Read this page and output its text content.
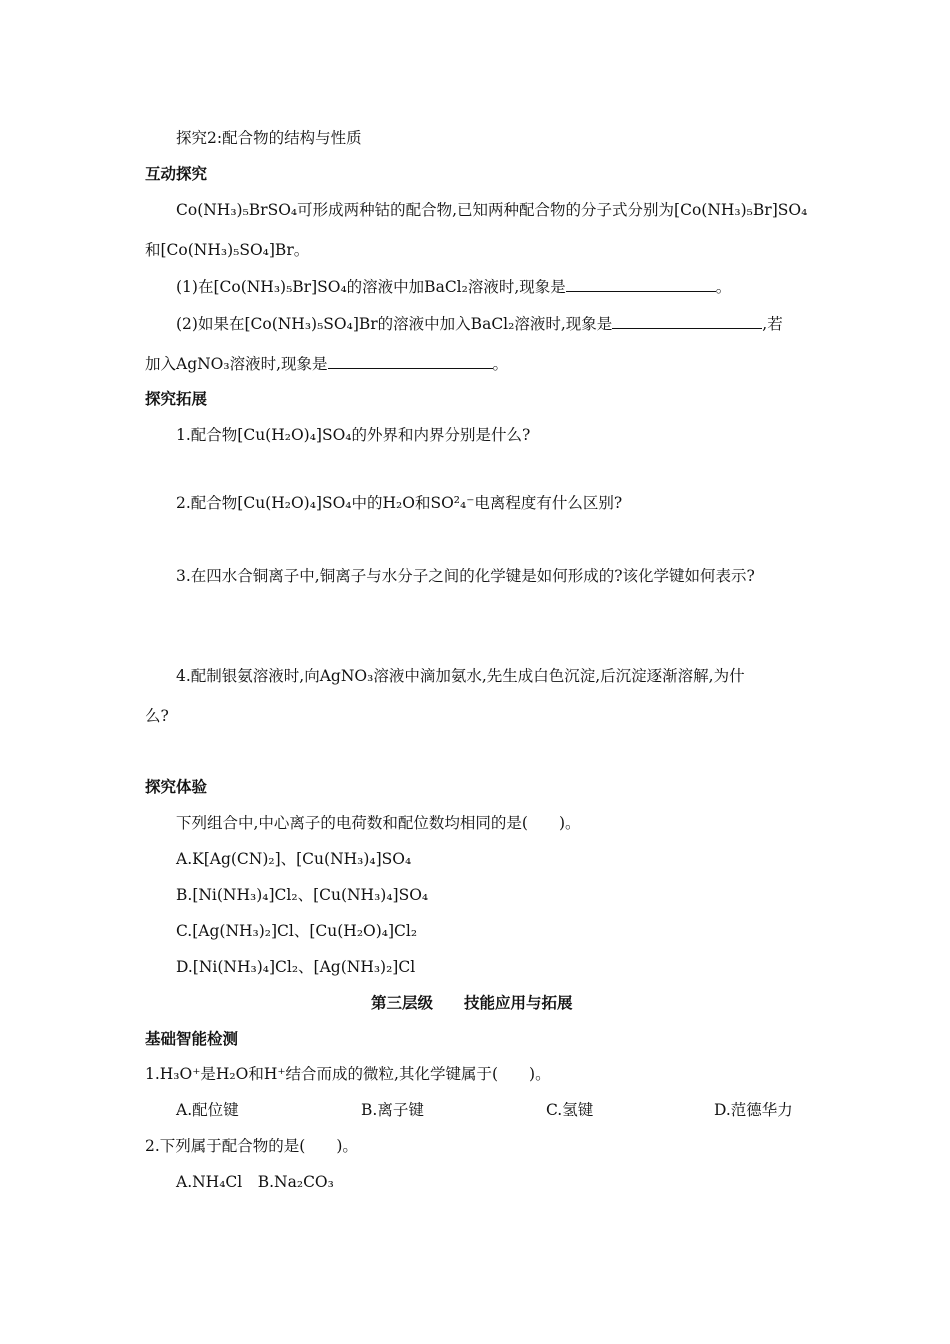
探究2:配合物的结构与性质
互动探究
Co(NH₃)₅BrSO₄可形成两种钴的配合物,已知两种配合物的分子式分别为[Co(NH₃)₅Br]SO₄
和[Co(NH₃)₅SO₄]Br。
(1)在[Co(NH₃)₅Br]SO₄的溶液中加BaCl₂溶液时,现象是	。
(2)如果在[Co(NH₃)₅SO₄]Br的溶液中加入BaCl₂溶液时,现象是	,若
加入AgNO₃溶液时,现象是	。
探究拓展
1.配合物[Cu(H₂O)₄]SO₄的外界和内界分别是什么?
2.配合物[Cu(H₂O)₄]SO₄中的H₂O和SO²₄⁻电离程度有什么区别?
3.在四水合铜离子中,铜离子与水分子之间的化学键是如何形成的?该化学键如何表示?
4.配制银氨溶液时,向AgNO₃溶液中滴加氨水,先生成白色沉淀,后沉淀逐渐溶解,为什
么?
探究体验
下列组合中,中心离子的电荷数和配位数均相同的是(　　)。
A.K[Ag(CN)₂]、[Cu(NH₃)₄]SO₄
B.[Ni(NH₃)₄]Cl₂、[Cu(NH₃)₄]SO₄
C.[Ag(NH₃)₂]Cl、[Cu(H₂O)₄]Cl₂
D.[Ni(NH₃)₄]Cl₂、[Ag(NH₃)₂]Cl
第三层级　　技能应用与拓展
基础智能检测
1.H₃O⁺是H₂O和H⁺结合而成的微粒,其化学键属于(　　)。
A.配位键	B.离子键	C.氢键	D.范德华力
2.下列属于配合物的是(　　)。
A.NH₄Cl　B.Na₂CO₃
